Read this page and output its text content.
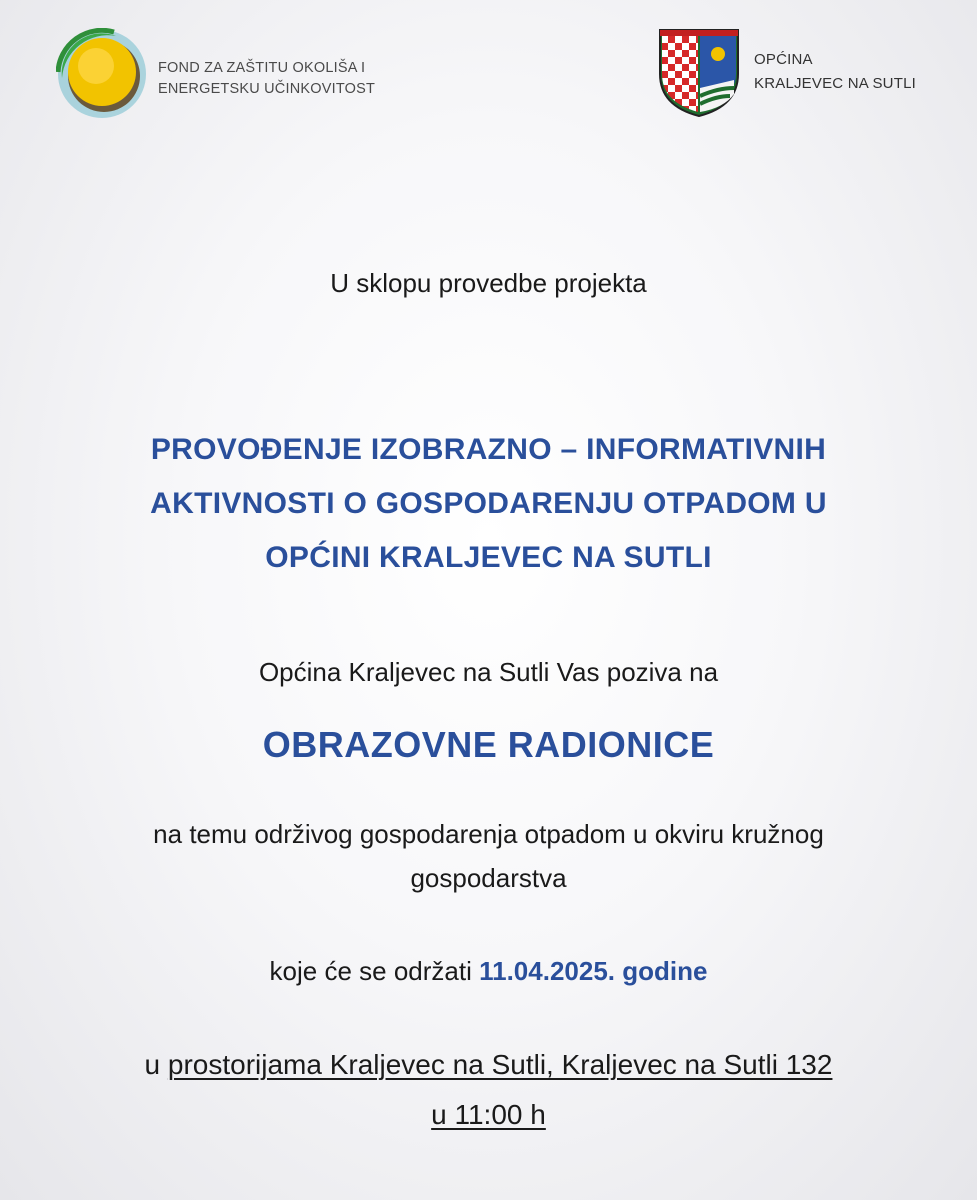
FOND ZA ZAŠTITU OKOLIŠA I
ENERGETSKU UČINKOVITOST
OPĆINA
KRALJEVEC NA SUTLI
U sklopu provedbe projekta
PROVOĐENJE IZOBRAZNO – INFORMATIVNIH
AKTIVNOSTI O GOSPODARENJU OTPADOM U
OPĆINI KRALJEVEC NA SUTLI
Općina Kraljevec na Sutli Vas poziva na
OBRAZOVNE RADIONICE
na temu održivog gospodarenja otpadom u okviru kružnog
gospodarstva
koje će se održati 11.04.2025. godine
u prostorijama Kraljevec na Sutli, Kraljevec na Sutli 132
u 11:00 h
